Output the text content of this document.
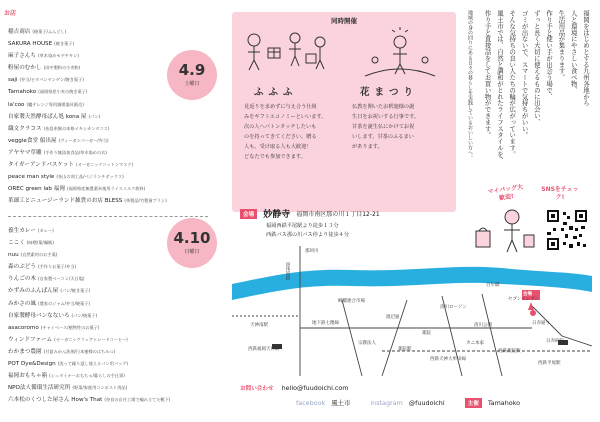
お店
稲吉商店 (焼菓子/ふんどし)
SAKURA HOUSE (焼き菓子)
麻子さんち (草木染めモデチキン)
粉屋のむかし (田中製粉の小麦粉)
saji (弁当/ビタバンヤンゲン/焼き菓子)
Tamahoko (福岡県産小麦の焼き菓子)
la'coo (竈テレンジ専用調理器具販売)
自家製天然酵母ぱん処 kona 屋 (パン)
織文クラコス (糸島糸綿の本格メキシカンタコス)
veggie食堂 船出屋 (ヴィーガンパーガー/弁当)
アヤヤマ草雕 (手作り無添加食品/草木染めの衣)
タイガーアンドバスケット (オーガニックコットンマスク)
peace man style (糸山の刈工品/ベジランチボックス)
OREC green lab 福岡 (福岡県産無農薬米使用ライスミルク飲料)
革細工とニュージーランド雑貨のお店 BLESS (革製品/竹製歯ブラシ)
4.9
土曜日
養生カレー (カレー)
ここく (味噌/菓/麺飯)
nuu (自然素材のお手菓)
森のぶどう (手作りお菓子/弁当)
りんごの木 (自家製ベーコン/天日塩)
かずみのふんぱん屋 (パン/焼き菓子)
みかさの風 (農家のジャム/弁当/焼菓子)
自家製酵母パンなないろ (パン/焼菓子)
asacoromo (チャイベース/植物性のお菓子)
ウィンドファーム (オーガニックフェアトレードコーヒー)
わかまつ農園 (甘夏みかん洗剤/日本蜜蜂のはちみつ)
POT Dye&Design (洗って繰り返し使えるパン用バッグ)
福岡おもちゃ箱 (シュタイナーおもちゃ/暮らしの手仕事)
NPO法人循環生活研究所 (野菜/家庭用コンポスト用品)
六本松のくつした屋さん How's That (奈良の自社工場で編み立てた靴下)
4.10
日曜日
同時開催
ふふふ	花まつり
見返りを求めずに与え合う仕組
みをギフトエコノミーといいます。
次の人へバトンタッチしたいも
のを持ってきてください。贈る
人も、受け取る人も大歓迎！
どなたでも参加できます。
仏教を開いたお釈迦様の誕
生日をお祝いする行事です。
甘茶を誕生仏にかけてお祝
いします。甘茶のふるまい
があります。
福岡をはじめとする九州各地から
人と環境にやさしい食べ物、
生活用品が集まります。
作り手と使い手が出会う場で、
ずっと長く大切に使えるものに出会い、
ゴミが出ないで、スマートで気持ちがいい。
そんな気持ちの良い人たちの輪が広がっています。
風土市では、自然と調和がとれたライフスタイルを、
作り手と直接話をしてお買い物ができます。
地域の身の回りにある日々の暮らしを実践しているおいしい方へ。
マイバッグ大歓迎!
SNSをチェック!
会場	妙静寺 福岡市南区那の川１丁目12-21
福岡西鉄平尾駅より徒歩１３分
西鉄バス那の川バス停より徒歩４分
那珂川
会場
国体道路
柳橋連合市場
清川ローソン
セブンイレブン
百年橋
天神南駅	地下鉄七隈線
渡辺通
薬院
清川公園	日赤通り
カニ本家
西鉄福岡天神駅
西鉄天神大牟田線
西鉄平尾駅
薬院駅
日赤病院
宗教法人
西鉄薬院駅
お問い合わせ hello@fuudoichi.com
facebook 風土市	instagram @fuudoichi	主催	Tamahoko
